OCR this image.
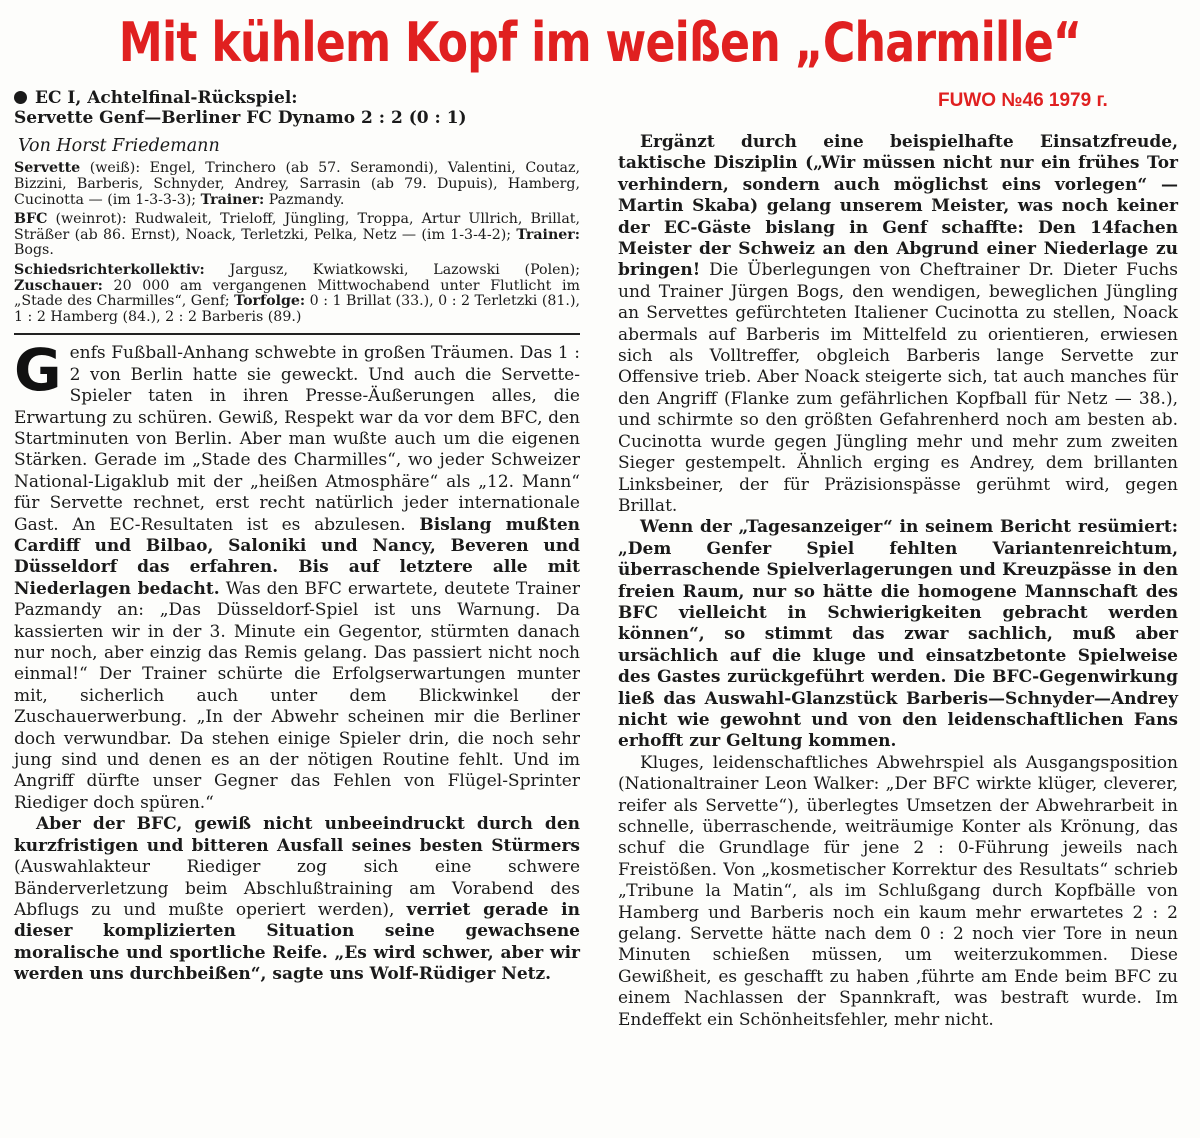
Mit kühlem Kopf im weißen „Charmille“
FUWO №46 1979 г.

EC I, Achtelfinal-Rückspiel:
Servette Genf—Berliner FC Dynamo 2 : 2 (0 : 1)

Von Horst Friedemann

Servette (weiß): Engel, Trinchero (ab 57. Seramondi), Valentini, Coutaz, Bizzini, Barberis, Schnyder, Andrey, Sarrasin (ab 79. Dupuis), Hamberg, Cucinotta — (im 1-3-3-3); Trainer: Pazmandy.

BFC (weinrot): Rudwaleit, Trieloff, Jüngling, Troppa, Artur Ullrich, Brillat, Sträßer (ab 86. Ernst), Noack, Terletzki, Pelka, Netz — (im 1-3-4-2); Trainer: Bogs.

Schiedsrichterkollektiv: Jargusz, Kwiatkowski, Lazowski (Polen); Zuschauer: 20 000 am vergangenen Mittwochabend unter Flutlicht im „Stade des Charmilles“, Genf; Torfolge: 0 : 1 Brillat (33.), 0 : 2 Terletzki (81.), 1 : 2 Hamberg (84.), 2 : 2 Barberis (89.)

Genfs Fußball-Anhang schwebte in großen Träumen. Das 1 : 2 von Berlin hatte sie geweckt. Und auch die Servette-Spieler taten in ihren Presse-Äußerungen alles, die Erwartung zu schüren. Gewiß, Respekt war da vor dem BFC, den Startminuten von Berlin. Aber man wußte auch um die eigenen Stärken. Gerade im „Stade des Charmilles“, wo jeder Schweizer National-Ligaklub mit der „heißen Atmosphäre“ als „12. Mann“ für Servette rechnet, erst recht natürlich jeder internationale Gast. An EC-Resultaten ist es abzulesen. Bislang mußten Cardiff und Bilbao, Saloniki und Nancy, Beveren und Düsseldorf das erfahren. Bis auf letztere alle mit Niederlagen bedacht. Was den BFC erwartete, deutete Trainer Pazmandy an: „Das Düsseldorf-Spiel ist uns Warnung. Da kassierten wir in der 3. Minute ein Gegentor, stürmten danach nur noch, aber einzig das Remis gelang. Das passiert nicht noch einmal!“ Der Trainer schürte die Erfolgserwartungen munter mit, sicherlich auch unter dem Blickwinkel der Zuschauerwerbung. „In der Abwehr scheinen mir die Berliner doch verwundbar. Da stehen einige Spieler drin, die noch sehr jung sind und denen es an der nötigen Routine fehlt. Und im Angriff dürfte unser Gegner das Fehlen von Flügel-Sprinter Riediger doch spüren.“

Aber der BFC, gewiß nicht unbeeindruckt durch den kurzfristigen und bitteren Ausfall seines besten Stürmers (Auswahlakteur Riediger zog sich eine schwere Bänderverletzung beim Abschlußtraining am Vorabend des Abflugs zu und mußte operiert werden), verriet gerade in dieser komplizierten Situation seine gewachsene moralische und sportliche Reife. „Es wird schwer, aber wir werden uns durchbeißen“, sagte uns Wolf-Rüdiger Netz.

Ergänzt durch eine beispielhafte Einsatzfreude, taktische Disziplin („Wir müssen nicht nur ein frühes Tor verhindern, sondern auch möglichst eins vorlegen“ — Martin Skaba) gelang unserem Meister, was noch keiner der EC-Gäste bislang in Genf schaffte: Den 14fachen Meister der Schweiz an den Abgrund einer Niederlage zu bringen! Die Überlegungen von Cheftrainer Dr. Dieter Fuchs und Trainer Jürgen Bogs, den wendigen, beweglichen Jüngling an Servettes gefürchteten Italiener Cucinotta zu stellen, Noack abermals auf Barberis im Mittelfeld zu orientieren, erwiesen sich als Volltreffer, obgleich Barberis lange Servette zur Offensive trieb. Aber Noack steigerte sich, tat auch manches für den Angriff (Flanke zum gefährlichen Kopfball für Netz — 38.), und schirmte so den größten Gefahrenherd noch am besten ab. Cucinotta wurde gegen Jüngling mehr und mehr zum zweiten Sieger gestempelt. Ähnlich erging es Andrey, dem brillanten Linksbeiner, der für Präzisionspässe gerühmt wird, gegen Brillat.

Wenn der „Tagesanzeiger“ in seinem Bericht resümiert: „Dem Genfer Spiel fehlten Variantenreichtum, überraschende Spielverlagerungen und Kreuzpässe in den freien Raum, nur so hätte die homogene Mannschaft des BFC vielleicht in Schwierigkeiten gebracht werden können“, so stimmt das zwar sachlich, muß aber ursächlich auf die kluge und einsatzbetonte Spielweise des Gastes zurückgeführt werden. Die BFC-Gegenwirkung ließ das Auswahl-Glanzstück Barberis—Schnyder—Andrey nicht wie gewohnt und von den leidenschaftlichen Fans erhofft zur Geltung kommen.

Kluges, leidenschaftliches Abwehrspiel als Ausgangsposition (Nationaltrainer Leon Walker: „Der BFC wirkte klüger, cleverer, reifer als Servette“), überlegtes Umsetzen der Abwehrarbeit in schnelle, überraschende, weiträumige Konter als Krönung, das schuf die Grundlage für jene 2 : 0-Führung jeweils nach Freistößen. Von „kosmetischer Korrektur des Resultats“ schrieb „Tribune la Matin“, als im Schlußgang durch Kopfbälle von Hamberg und Barberis noch ein kaum mehr erwartetes 2 : 2 gelang. Servette hätte nach dem 0 : 2 noch vier Tore in neun Minuten schießen müssen, um weiterzukommen. Diese Gewißheit, es geschafft zu haben ‚führte am Ende beim BFC zu einem Nachlassen der Spannkraft, was bestraft wurde. Im Endeffekt ein Schönheitsfehler, mehr nicht.
